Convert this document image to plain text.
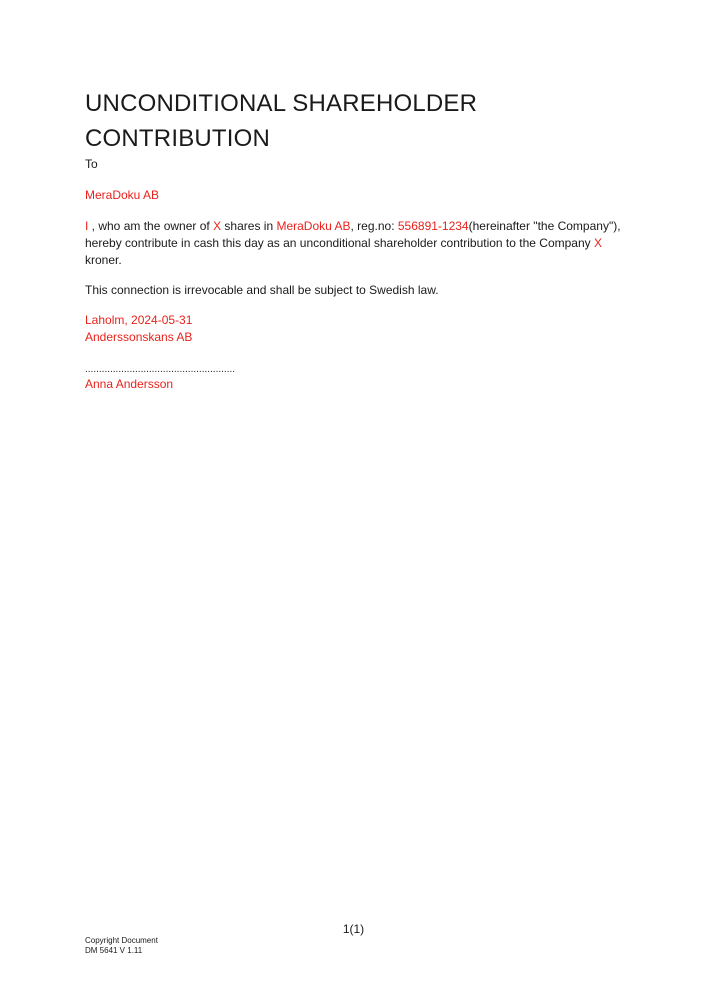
UNCONDITIONAL SHAREHOLDER
CONTRIBUTION

To

MeraDoku AB

I , who am the owner of X shares in MeraDoku AB, reg.no: 556891-1234(hereinafter "the Company"), hereby contribute in cash this day as an unconditional shareholder contribution to the Company X kroner.

This connection is irrevocable and shall be subject to Swedish law.

Laholm, 2024-05-31

Anderssonskans AB

......................................................

Anna Andersson

1(1)
Copyright Document
DM 5641 V 1.11
